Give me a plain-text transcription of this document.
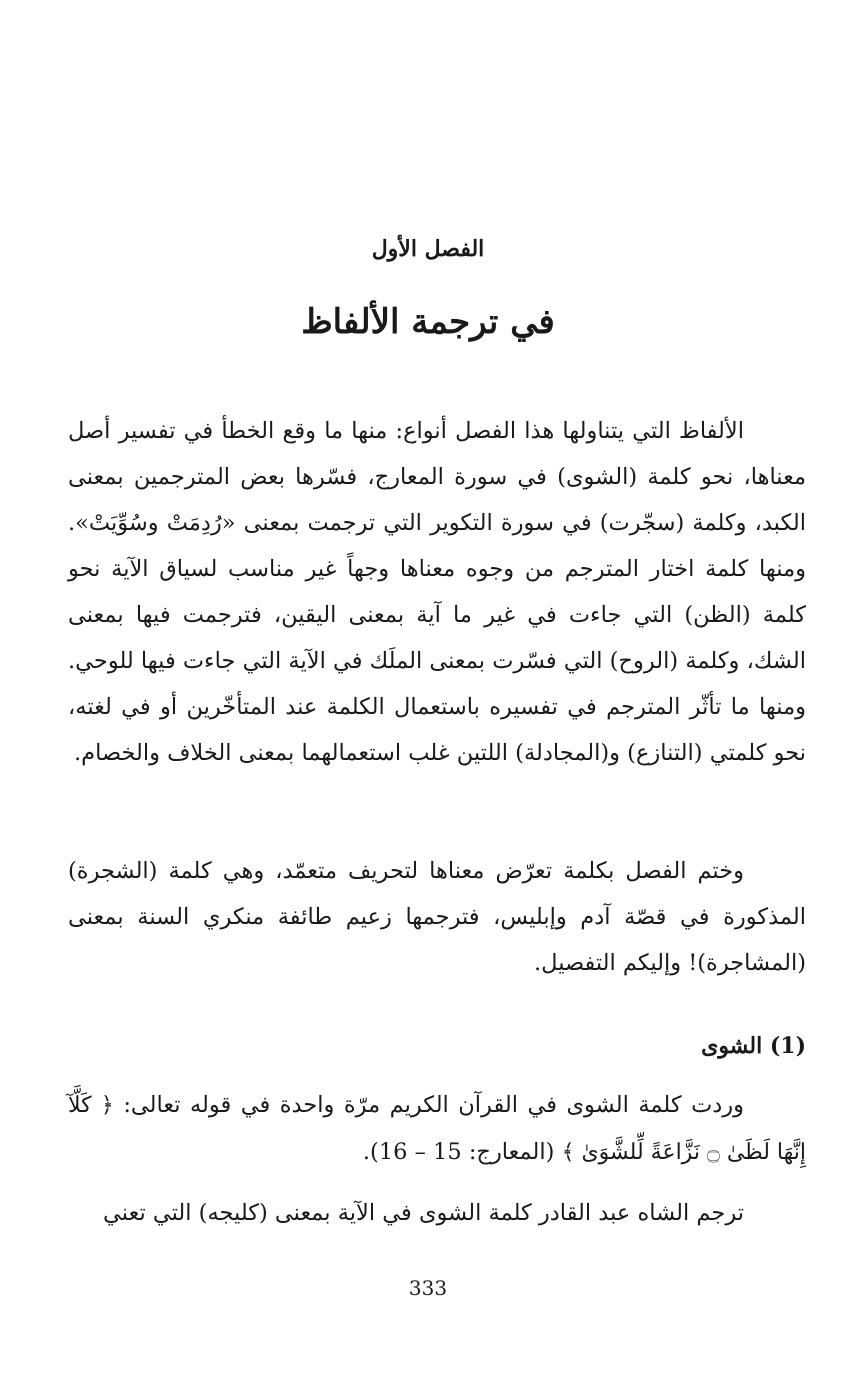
الفصل الأول
في ترجمة الألفاظ
الألفاظ التي يتناولها هذا الفصل أنواع: منها ما وقع الخطأ في تفسير أصل معناها، نحو كلمة (الشوى) في سورة المعارج، فسّرها بعض المترجمين بمعنى الكبد، وكلمة (سجّرت) في سورة التكوير التي ترجمت بمعنى «رُدِمَتْ وسُوِّيَتْ». ومنها كلمة اختار المترجم من وجوه معناها وجهاً غير مناسب لسياق الآية نحو كلمة (الظن) التي جاءت في غير ما آية بمعنى اليقين، فترجمت فيها بمعنى الشك، وكلمة (الروح) التي فسّرت بمعنى الملَك في الآية التي جاءت فيها للوحي. ومنها ما تأثّر المترجم في تفسيره باستعمال الكلمة عند المتأخّرين أو في لغته، نحو كلمتي (التنازع) و(المجادلة) اللتين غلب استعمالهما بمعنى الخلاف والخصام.
وختم الفصل بكلمة تعرّض معناها لتحريف متعمّد، وهي كلمة (الشجرة) المذكورة في قصّة آدم وإبليس، فترجمها زعيم طائفة منكري السنة بمعنى (المشاجرة)! وإليكم التفصيل.
(1) الشوى
وردت كلمة الشوى في القرآن الكريم مرّة واحدة في قوله تعالى: ﴿ كَلَّآ إِنَّهَا لَظَىٰ ۝ نَزَّاعَةً لِّلشَّوَىٰ ﴾ (المعارج: 15 – 16).
ترجم الشاه عبد القادر كلمة الشوى في الآية بمعنى (كليجه) التي تعني
333
